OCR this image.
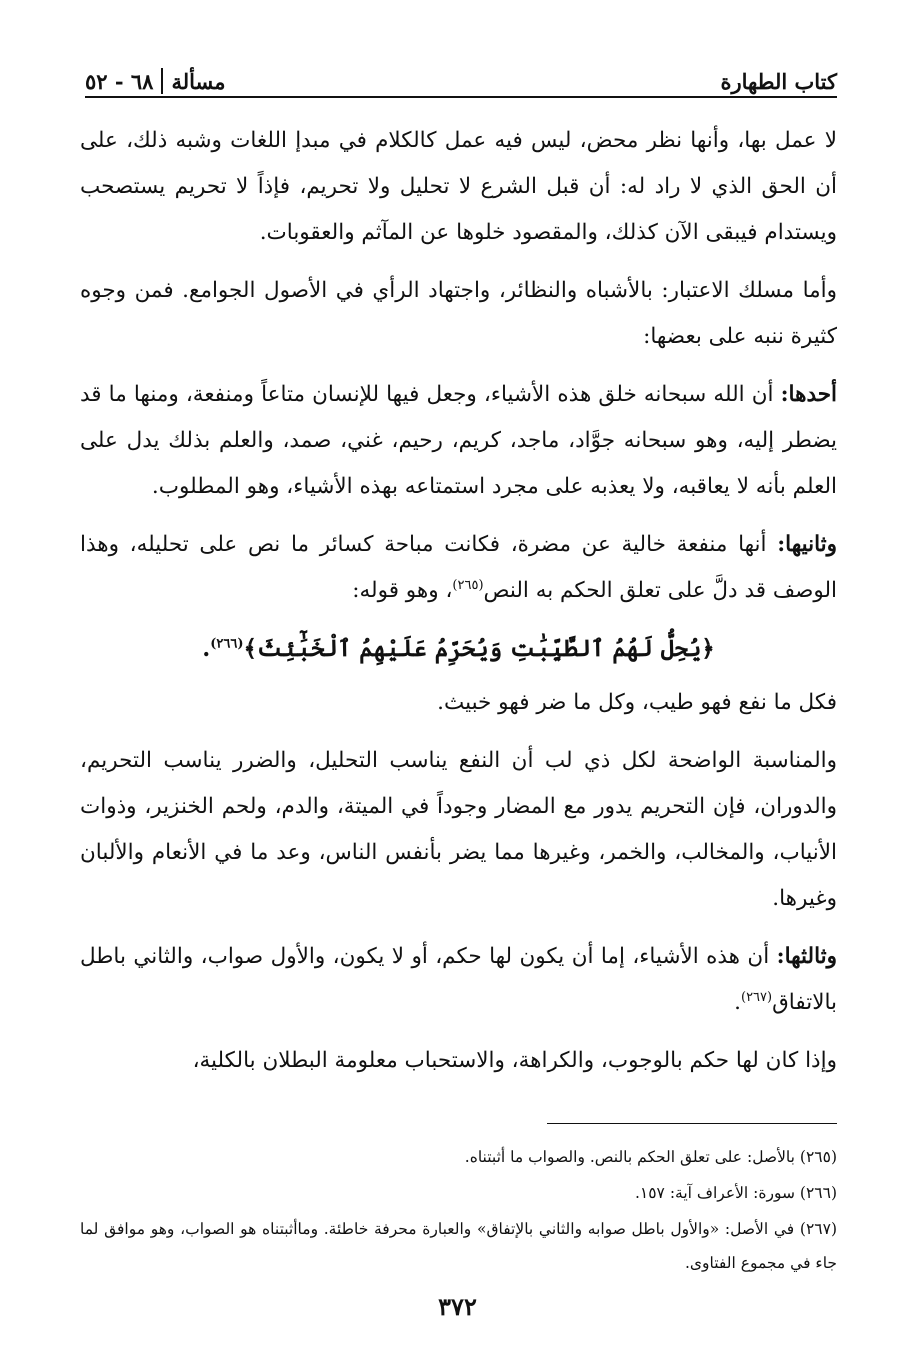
كتاب الطهارة
مسألة
٦٨ - ٥٢

لا عمل بها، وأنها نظر محض، ليس فيه عمل كالكلام في مبدإ اللغات وشبه ذلك، على أن الحق الذي لا راد له: أن قبل الشرع لا تحليل ولا تحريم، فإذاً لا تحريم يستصحب ويستدام فيبقى الآن كذلك، والمقصود خلوها عن المآثم والعقوبات.

وأما مسلك الاعتبار: بالأشباه والنظائر، واجتهاد الرأي في الأصول الجوامع. فمن وجوه كثيرة ننبه على بعضها:

أحدها: أن الله سبحانه خلق هذه الأشياء، وجعل فيها للإنسان متاعاً ومنفعة، ومنها ما قد يضطر إليه، وهو سبحانه جوَّاد، ماجد، كريم، رحيم، غني، صمد، والعلم بذلك يدل على العلم بأنه لا يعاقبه، ولا يعذبه على مجرد استمتاعه بهذه الأشياء، وهو المطلوب.

وثانيها: أنها منفعة خالية عن مضرة، فكانت مباحة كسائر ما نص على تحليله، وهذا الوصف قد دلَّ على تعلق الحكم به النص$^{(٢٦٥)}$، وهو قوله:

﴿يُحِلُّ لَهُمُ ٱلطَّيِّبَٰتِ وَيُحَرِّمُ عَلَيْهِمُ ٱلْخَبَٰٓئِثَ﴾$^{(٢٦٦)}$.

فكل ما نفع فهو طيب، وكل ما ضر فهو خبيث.

والمناسبة الواضحة لكل ذي لب أن النفع يناسب التحليل، والضرر يناسب التحريم، والدوران، فإن التحريم يدور مع المضار وجوداً في الميتة، والدم، ولحم الخنزير، وذوات الأنياب، والمخالب، والخمر، وغيرها مما يضر بأنفس الناس، وعد ما في الأنعام والألبان وغيرها.

وثالثها: أن هذه الأشياء، إما أن يكون لها حكم، أو لا يكون، والأول صواب، والثاني باطل بالاتفاق$^{(٢٦٧)}$.

وإذا كان لها حكم بالوجوب، والكراهة، والاستحباب معلومة البطلان بالكلية،

(٢٦٥) بالأصل: على تعلق الحكم بالنص. والصواب ما أثبتناه.

(٢٦٦) سورة: الأعراف آية: ١٥٧.

(٢٦٧) في الأصل: «والأول باطل صوابه والثاني بالإتفاق» والعبارة محرفة خاطئة. وماأثبتناه هو الصواب، وهو موافق لما جاء في مجموع الفتاوى.

٣٧٢
